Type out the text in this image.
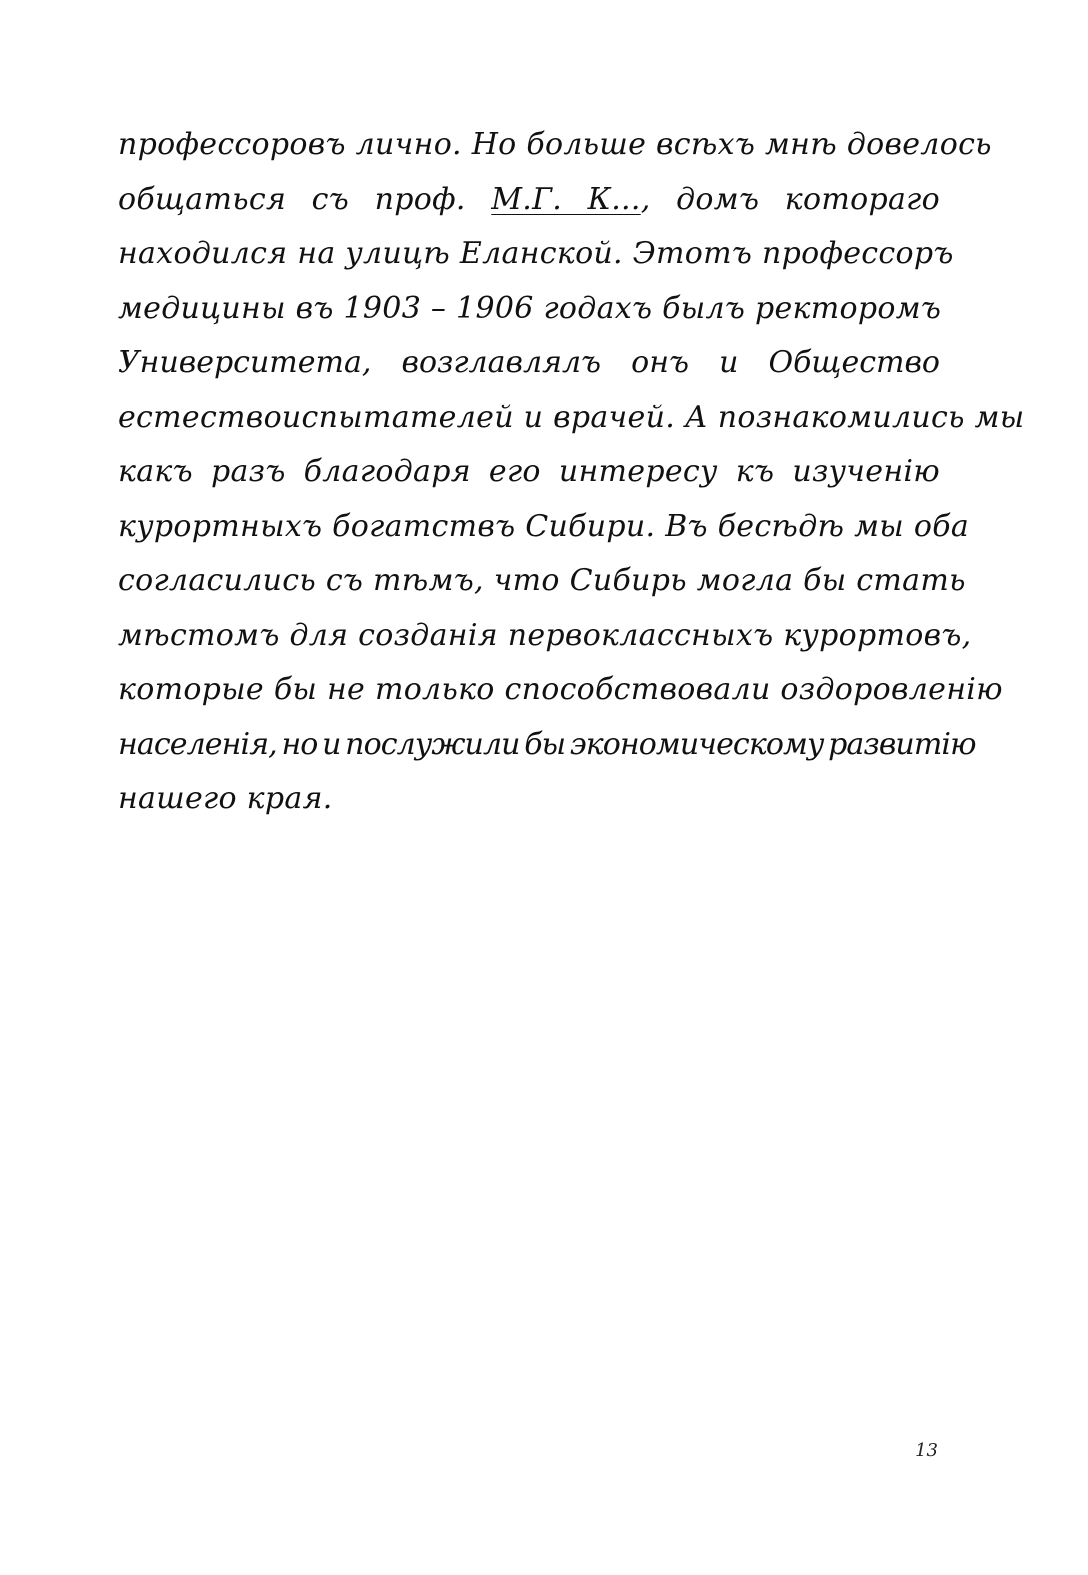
профессоровъ лично. Но больше всѣхъ мнѣ довелось
общаться съ проф. М.Г. К..., домъ котораго
находился на улицѣ Еланской. Этотъ профессоръ
медицины въ 1903 – 1906 годахъ былъ ректоромъ
Университета, возглавлялъ онъ и Общество
естествоиспытателей и врачей. А познакомились мы
какъ разъ благодаря его интересу къ изученію
курортныхъ богатствъ Сибири. Въ бесѣдѣ мы оба
согласились съ тѣмъ, что Сибирь могла бы стать
мѣстомъ для созданія первоклассныхъ курортовъ,
которые бы не только способствовали оздоровленію
населенія, но и послужили бы экономическому развитію
нашего края.
13
